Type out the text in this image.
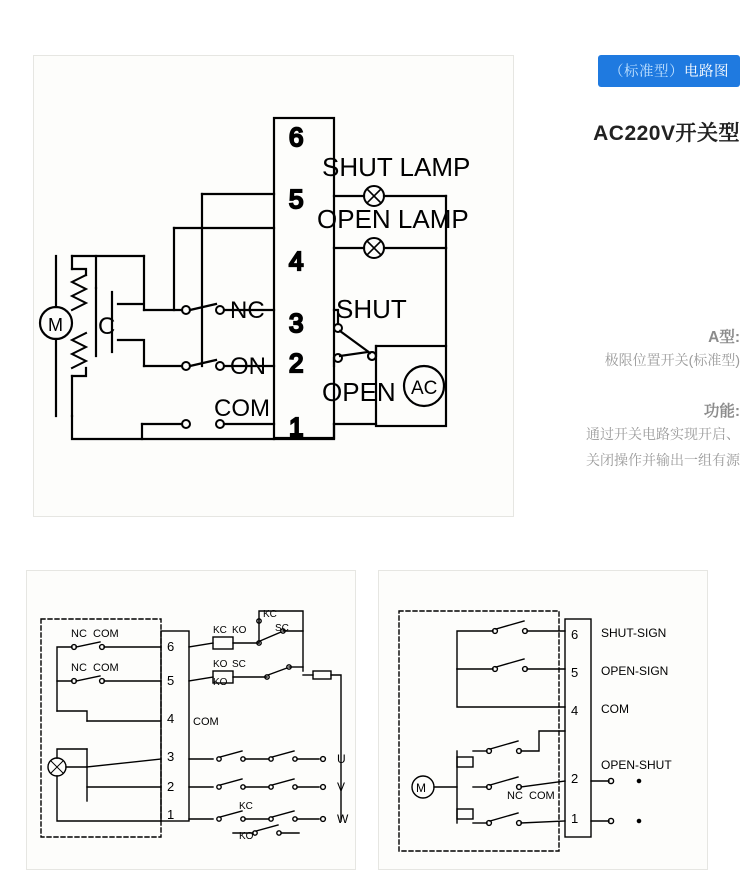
6
5
4
3
2
1
M C
NC
ON
COM
SHUT LAMP
OPEN LAMP
SHUT
OPEN AC
（标准型）电路图
AC220V开关型
A型:
极限位置开关(标准型)
功能:
通过开关电路实现开启、
关闭操作并输出一组有源
6
5
4
3
2
1
NC COM
NC COM
COM
KC
KO
KO
SC
SC
KC
U
V
W
KC
KO
KO
6
5
4
2
1
SHUT-SIGN
OPEN-SIGN
COM
OPEN-SHUT
M
NC COM
